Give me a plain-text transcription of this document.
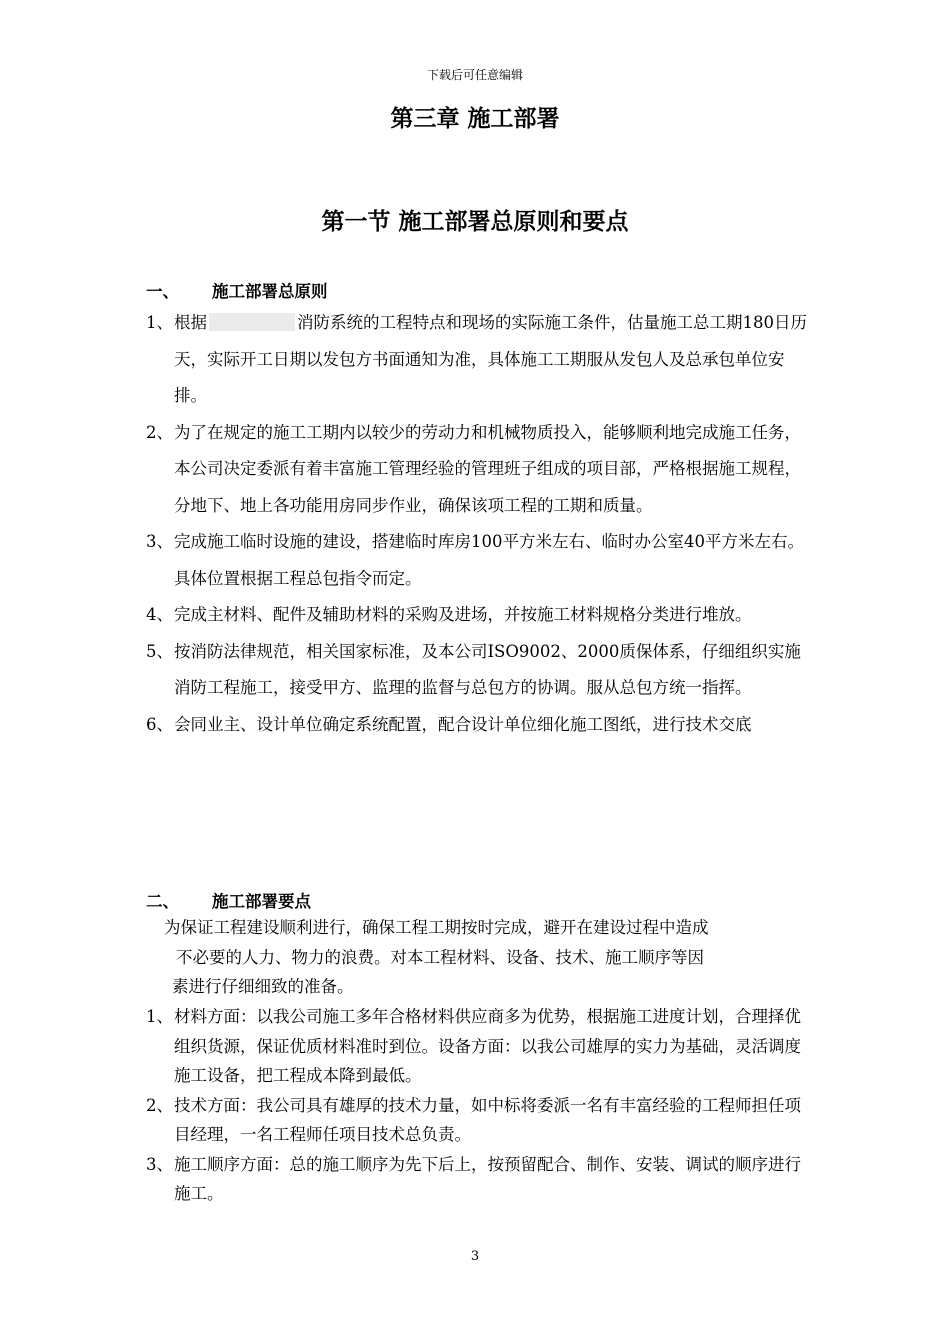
下载后可任意编辑
第三章 施工部署
第一节 施工部署总原则和要点
一、 施工部署总原则
1、 根据	消防系统的工程特点和现场的实际施工条件，估量施工总工期180日历天，实际开工日期以发包方书面通知为准，具体施工工期服从发包人及总承包单位安排。
2、 为了在规定的施工工期内以较少的劳动力和机械物质投入，能够顺利地完成施工任务，本公司决定委派有着丰富施工管理经验的管理班子组成的项目部，严格根据施工规程，分地下、地上各功能用房同步作业，确保该项工程的工期和质量。
3、 完成施工临时设施的建设，搭建临时库房100平方米左右、临时办公室40平方米左右。具体位置根据工程总包指令而定。
4、 完成主材料、配件及辅助材料的采购及进场，并按施工材料规格分类进行堆放。
5、 按消防法律规范，相关国家标准，及本公司ISO9002、2000质保体系，仔细组织实施消防工程施工，接受甲方、监理的监督与总包方的协调。服从总包方统一指挥。
6、 会同业主、设计单位确定系统配置，配合设计单位细化施工图纸，进行技术交底
二、 施工部署要点
为保证工程建设顺利进行，确保工程工期按时完成，避开在建设过程中造成
不必要的人力、物力的浪费。对本工程材料、设备、技术、施工顺序等因
素进行仔细细致的准备。
1、 材料方面：以我公司施工多年合格材料供应商多为优势，根据施工进度计划，合理择优组织货源，保证优质材料准时到位。设备方面：以我公司雄厚的实力为基础，灵活调度施工设备，把工程成本降到最低。
2、 技术方面：我公司具有雄厚的技术力量，如中标将委派一名有丰富经验的工程师担任项目经理，一名工程师任项目技术总负责。
3、 施工顺序方面：总的施工顺序为先下后上，按预留配合、制作、安装、调试的顺序进行施工。
3
